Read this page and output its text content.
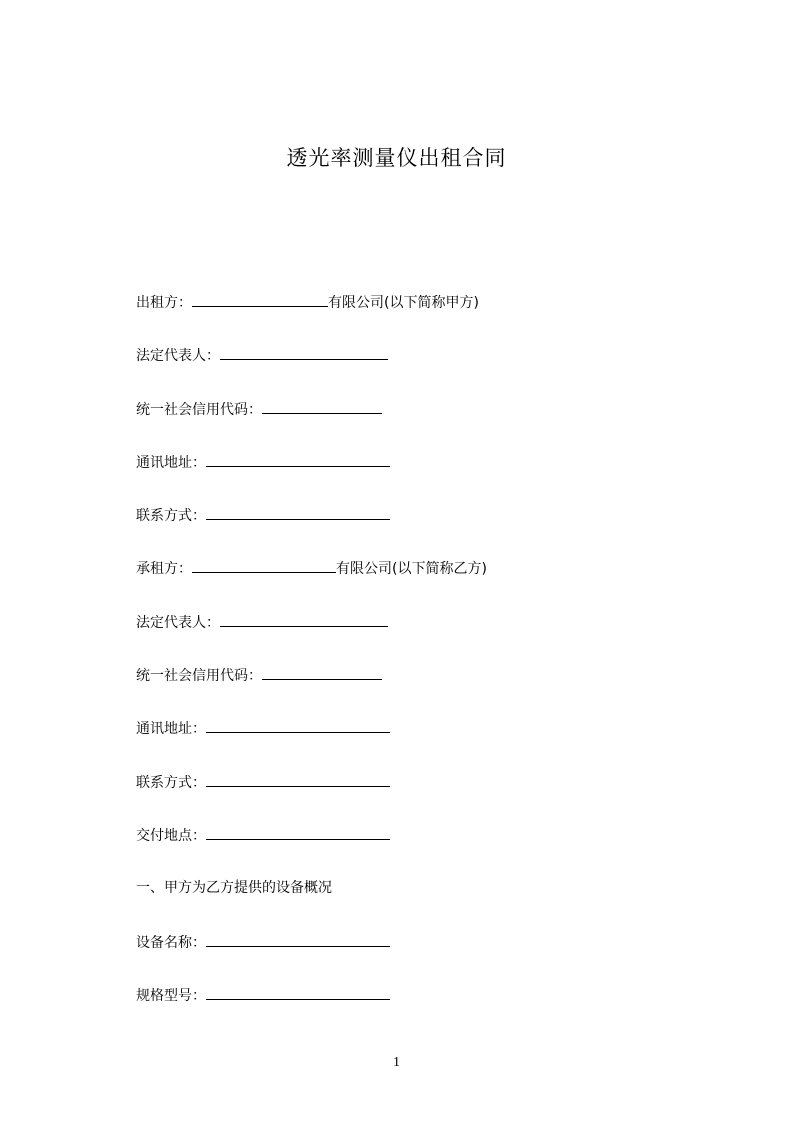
透光率测量仪出租合同
出租方：	有限公司(以下简称甲方)
法定代表人：
统一社会信用代码：
通讯地址：
联系方式：
承租方：	有限公司(以下简称乙方)
法定代表人：
统一社会信用代码：
通讯地址：
联系方式：
交付地点：
一、甲方为乙方提供的设备概况
设备名称：
规格型号：
1
